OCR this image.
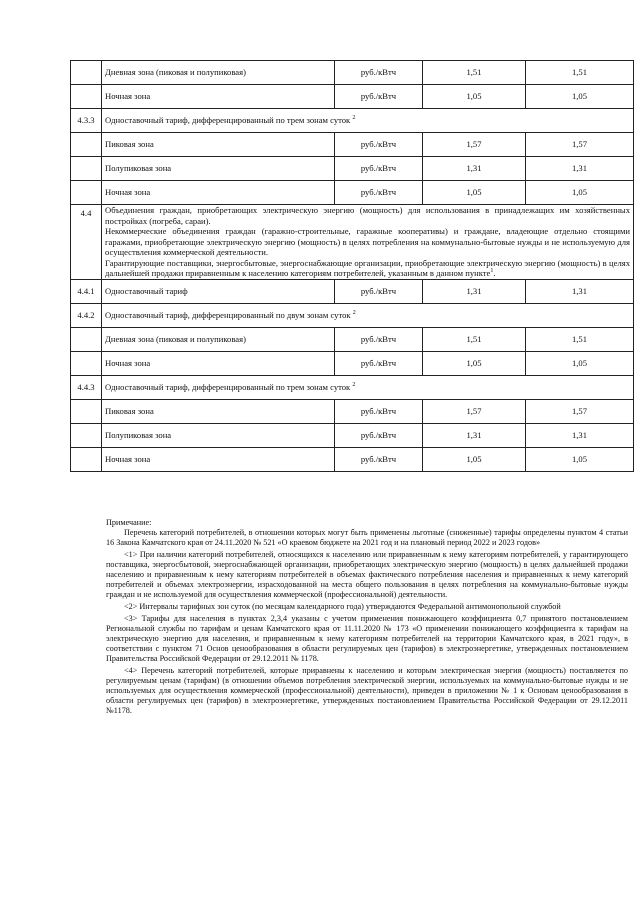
	Дневная зона (пиковая и полупиковая)	руб./кВтч	1,51	1,51
	Ночная зона	руб./кВтч	1,05	1,05
4.3.3	Одноставочный тариф, дифференцированный по трем зонам суток $^2$
	Пиковая зона	руб./кВтч	1,57	1,57
	Полупиковая зона	руб./кВтч	1,31	1,31
	Ночная зона	руб./кВтч	1,05	1,05
4.4	Объединения граждан, приобретающих электрическую энергию (мощность) для использования в принадлежащих им хозяйственных постройках (погреба, сараи).

Некоммерческие объединения граждан (гаражно-строительные, гаражные кооперативы) и граждане, владеющие отдельно стоящими гаражами, приобретающие электрическую энергию (мощность) в целях потребления на коммунально-бытовые нужды и не используемую для осуществления коммерческой деятельности.

Гарантирующие поставщики, энергосбытовые, энергоснабжающие организации, приобретающие электрическую энергию (мощность) в целях дальнейшей продажи приравненным к населению категориям потребителей, указанным в данном пункте$^1$.			

4.4.1	Одноставочный тариф	руб./кВтч	1,31	1,31
4.4.2	Одноставочный тариф, дифференцированный по двум зонам суток $^2$
	Дневная зона (пиковая и полупиковая)	руб./кВтч	1,51	1,51
	Ночная зона	руб./кВтч	1,05	1,05
4.4.3	Одноставочный тариф, дифференцированный по трем зонам суток $^2$
	Пиковая зона	руб./кВтч	1,57	1,57
	Полупиковая зона	руб./кВтч	1,31	1,31
	Ночная зона	руб./кВтч	1,05	1,05

Примечание:

Перечень категорий потребителей, в отношении которых могут быть применены льготные (сниженные) тарифы определены пунктом 4 статьи 16 Закона Камчатского края от 24.11.2020 № 521 «О краевом бюджете на 2021 год и на плановый период 2022 и 2023 годов»

<1> При наличии категорий потребителей, относящихся к населению или приравненным к нему категориям потребителей, у гарантирующего поставщика, энергосбытовой, энергоснабжающей организации, приобретающих электрическую энергию (мощность) в целях дальнейшей продажи населению и приравненным к нему категориям потребителей в объемах фактического потребления населения и приравненных к нему категорий потребителей и объемах электроэнергии, израсходованной на места общего пользования в целях потребления на коммунально-бытовые нужды граждан и не используемой для осуществления коммерческой (профессиональной) деятельности.

<2> Интервалы тарифных зон суток (по месяцам календарного года) утверждаются Федеральной антимонопольной службой

<3> Тарифы для населения в пунктах 2,3,4 указаны с учетом применения понижающего коэффициента 0,7 принятого постановлением Региональной службы по тарифам и ценам Камчатского края от 11.11.2020 № 173 «О применении понижающего коэффициента к тарифам на электрическую энергию для населения, и приравненным к нему категориям потребителей на территории Камчатского края, в 2021 году», в соответствии с пунктом 71 Основ ценообразования в области регулируемых цен (тарифов) в электроэнергетике, утвержденных постановлением Правительства Российской Федерации от 29.12.2011 № 1178.

<4> Перечень категорий потребителей, которые приравнены к населению и которым электрическая энергия (мощность) поставляется по регулируемым ценам (тарифам) (в отношении объемов потребления электрической энергии, используемых на коммунально-бытовые нужды и не используемых для осуществления коммерческой (профессиональной) деятельности), приведен в приложении № 1 к Основам ценообразования в области регулируемых цен (тарифов) в электроэнергетике, утвержденных постановлением Правительства Российской Федерации от 29.12.2011 №1178.
